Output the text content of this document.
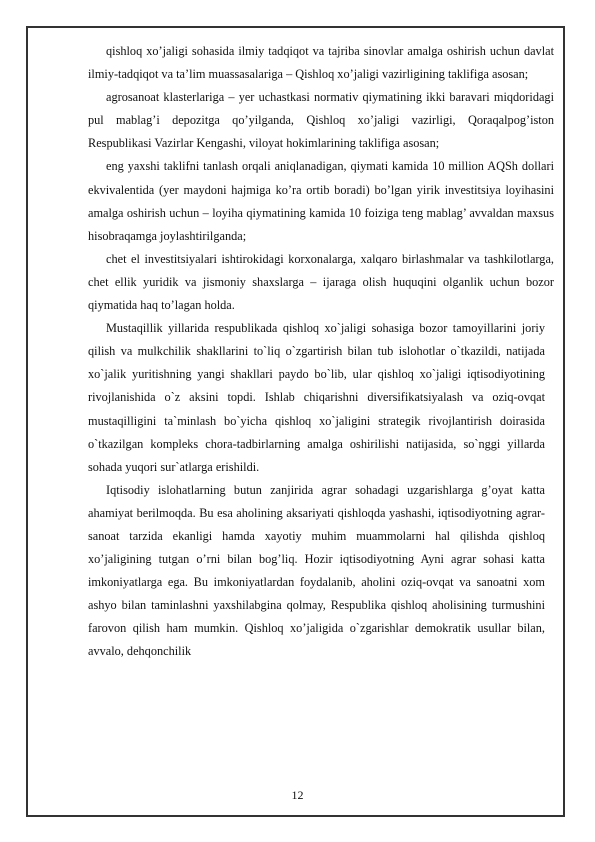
qishloq xo’jaligi sohasida ilmiy tadqiqot va tajriba sinovlar amalga oshirish uchun davlat ilmiy-tadqiqot va ta’lim muassasalariga – Qishloq xo’jaligi vazirligining taklifiga asosan;

agrosanoat klasterlariga – yer uchastkasi normativ qiymatining ikki baravari miqdoridagi pul mablag’i depozitga qo’yilganda, Qishloq xo’jaligi vazirligi, Qoraqalpog’iston Respublikasi Vazirlar Kengashi, viloyat hokimlarining taklifiga asosan;

eng yaxshi taklifni tanlash orqali aniqlanadigan, qiymati kamida 10 million AQSh dollari ekvivalentida (yer maydoni hajmiga ko’ra ortib boradi) bo’lgan yirik investitsiya loyihasini amalga oshirish uchun – loyiha qiymatining kamida 10 foiziga teng mablag’ avvaldan maxsus hisobraqamga joylashtirilganda;

chet el investitsiyalari ishtirokidagi korxonalarga, xalqaro birlashmalar va tashkilotlarga, chet ellik yuridik va jismoniy shaxslarga – ijaraga olish huquqini olganlik uchun bozor qiymatida haq to’lagan holda.

Mustaqillik yillarida respublikada qishloq xo`jaligi sohasiga bozor tamoyillarini joriy qilish va mulkchilik shakllarini to`liq o`zgartirish bilan tub islohotlar o`tkazildi, natijada xo`jalik yuritishning yangi shakllari paydo bo`lib, ular qishloq xo`jaligi iqtisodiyotining rivojlanishida o`z aksini topdi. Ishlab chiqarishni diversifikatsiyalash va oziq-ovqat mustaqilligini ta`minlash bo`yicha qishloq xo`jaligini strategik rivojlantirish doirasida o`tkazilgan kompleks chora-tadbirlarning amalga oshirilishi natijasida, so`nggi yillarda sohada yuqori sur`atlarga erishildi.

Iqtisodiy islohatlarning butun zanjirida agrar sohadagi uzgarishlarga g’oyat katta ahamiyat berilmoqda. Bu esa aholining aksariyati qishloqda yashashi, iqtisodiyotning agrar-sanoat tarzida ekanligi hamda xayotiy muhim muammolarni hal qilishda qishloq xo’jaligining tutgan o’rni bilan bog’liq. Hozir iqtisodiyotning Ayni agrar sohasi katta imkoniyatlarga ega. Bu imkoniyatlardan foydalanib, aholini oziq-ovqat va sanoatni xom ashyo bilan taminlashni yaxshilabgina qolmay, Respublika qishloq aholisining turmushini farovon qilish ham mumkin. Qishloq xo’jaligida o`zgarishlar demokratik usullar bilan, avvalo, dehqonchilik

12
